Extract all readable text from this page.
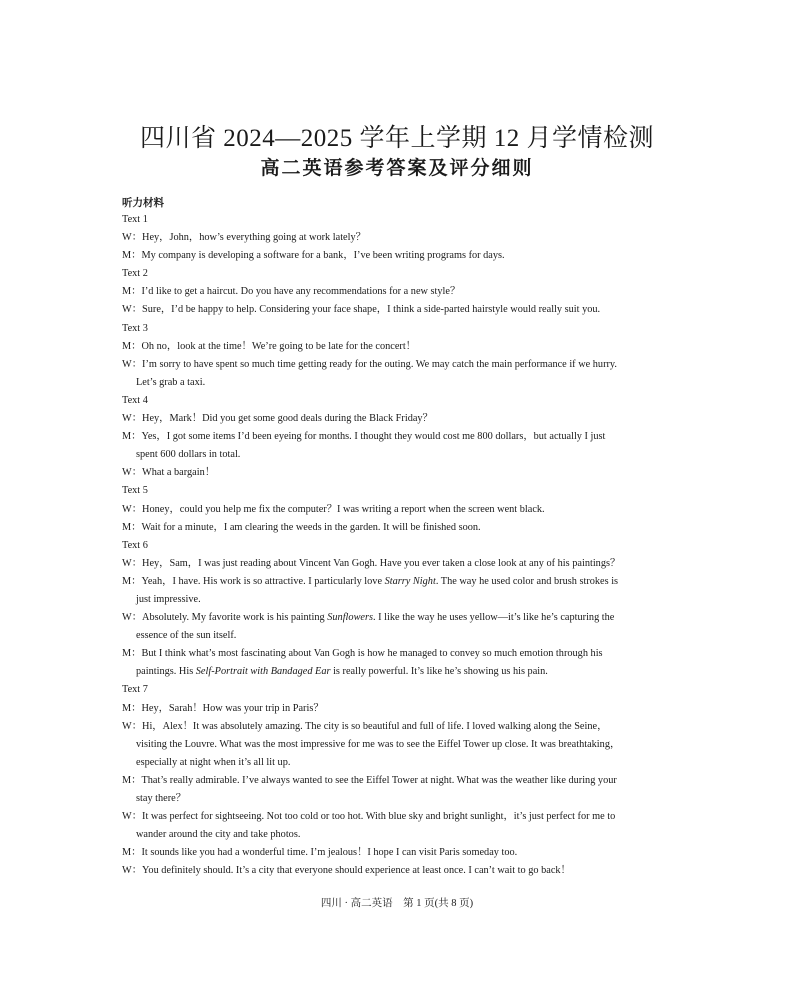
四川省 2024—2025 学年上学期 12 月学情检测
高二英语参考答案及评分细则
听力材料
Text 1
W：Hey，John，how’s everything going at work lately？
M：My company is developing a software for a bank，I’ve been writing programs for days.
Text 2
M：I’d like to get a haircut. Do you have any recommendations for a new style？
W：Sure，I’d be happy to help. Considering your face shape，I think a side-parted hairstyle would really suit you.
Text 3
M：Oh no，look at the time！We’re going to be late for the concert！
W：I’m sorry to have spent so much time getting ready for the outing. We may catch the main performance if we hurry.
Let’s grab a taxi.
Text 4
W：Hey，Mark！Did you get some good deals during the Black Friday？
M：Yes，I got some items I’d been eyeing for months. I thought they would cost me 800 dollars，but actually I just
spent 600 dollars in total.
W：What a bargain！
Text 5
W：Honey，could you help me fix the computer？I was writing a report when the screen went black.
M：Wait for a minute，I am clearing the weeds in the garden. It will be finished soon.
Text 6
W：Hey，Sam，I was just reading about Vincent Van Gogh. Have you ever taken a close look at any of his paintings？
M：Yeah，I have. His work is so attractive. I particularly love Starry Night. The way he used color and brush strokes is
just impressive.
W：Absolutely. My favorite work is his painting Sunflowers. I like the way he uses yellow—it’s like he’s capturing the
essence of the sun itself.
M：But I think what’s most fascinating about Van Gogh is how he managed to convey so much emotion through his
paintings. His Self-Portrait with Bandaged Ear is really powerful. It’s like he’s showing us his pain.
Text 7
M：Hey，Sarah！How was your trip in Paris？
W：Hi，Alex！It was absolutely amazing. The city is so beautiful and full of life. I loved walking along the Seine，
visiting the Louvre. What was the most impressive for me was to see the Eiffel Tower up close. It was breathtaking，
especially at night when it’s all lit up.
M：That’s really admirable. I’ve always wanted to see the Eiffel Tower at night. What was the weather like during your
stay there？
W：It was perfect for sightseeing. Not too cold or too hot. With blue sky and bright sunlight，it’s just perfect for me to
wander around the city and take photos.
M：It sounds like you had a wonderful time. I’m jealous！I hope I can visit Paris someday too.
W：You definitely should. It’s a city that everyone should experience at least once. I can’t wait to go back！
四川 · 高二英语　第 1 页(共 8 页)
